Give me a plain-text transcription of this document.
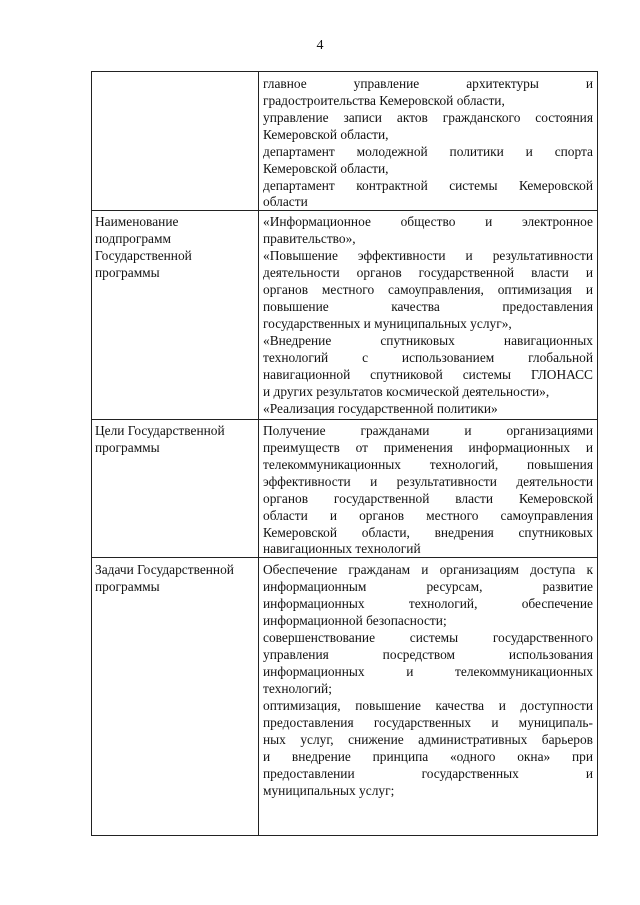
4
главное управление архитектуры и
градостроительства Кемеровской области,
управление записи актов гражданского состояния
Кемеровской области,
департамент молодежной политики и спорта
Кемеровской области,
департамент контрактной системы Кемеровской
области
Наименование
подпрограмм
Государственной
программы
«Информационное общество и электронное
правительство»,
«Повышение эффективности и результативности
деятельности органов государственной власти и
органов местного самоуправления, оптимизация и
повышение качества предоставления
государственных и муниципальных услуг»,
«Внедрение спутниковых навигационных
технологий с использованием глобальной
навигационной спутниковой системы ГЛОНАСС
и других результатов космической деятельности»,
«Реализация государственной политики»
Цели Государственной
программы
Получение гражданами и организациями
преимуществ от применения информационных и
телекоммуникационных технологий, повышения
эффективности и результативности деятельности
органов государственной власти Кемеровской
области и органов местного самоуправления
Кемеровской области, внедрения спутниковых
навигационных технологий
Задачи Государственной
программы
Обеспечение гражданам и организациям доступа к
информационным ресурсам, развитие
информационных технологий, обеспечение
информационной безопасности;
совершенствование системы государственного
управления посредством использования
информационных и телекоммуникационных
технологий;
оптимизация, повышение качества и доступности
предоставления государственных и муниципаль-
ных услуг, снижение административных барьеров
и внедрение принципа «одного окна» при
предоставлении государственных и
муниципальных услуг;
